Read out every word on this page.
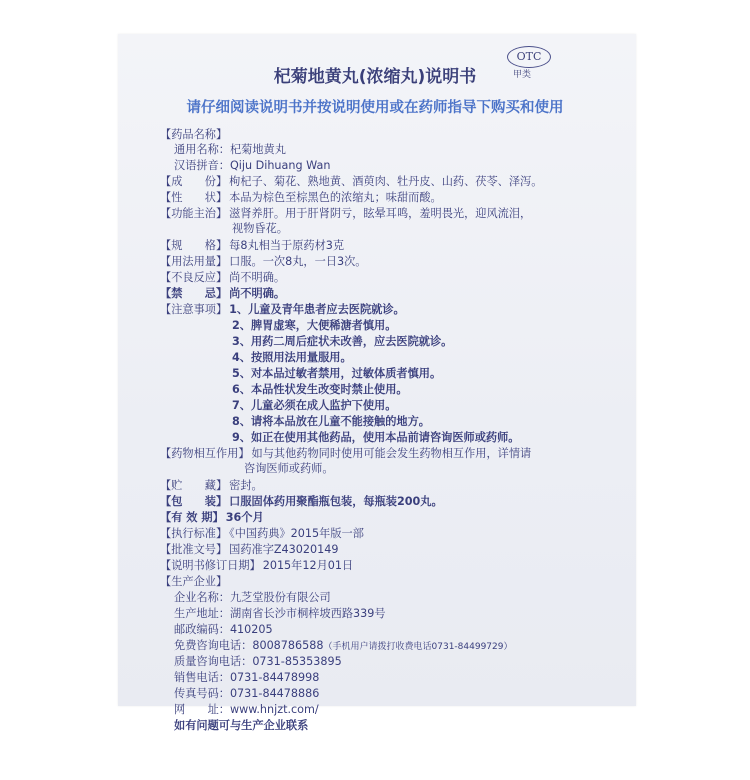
OTC
甲类
杞菊地黄丸(浓缩丸)说明书
请仔细阅读说明书并按说明使用或在药师指导下购买和使用
【药品名称】
通用名称：杞菊地黄丸
汉语拼音：Qiju Dihuang Wan
【成　　份】 枸杞子、菊花、熟地黄、酒萸肉、牡丹皮、山药、茯苓、泽泻。
【性　　状】 本品为棕色至棕黑色的浓缩丸；味甜而酸。
【功能主治】 滋肾养肝。用于肝肾阴亏，眩晕耳鸣，羞明畏光，迎风流泪，
视物昏花。
【规　　格】 每8丸相当于原药材3克
【用法用量】 口服。一次8丸，一日3次。
【不良反应】 尚不明确。
【禁　　忌】 尚不明确。
【注意事项】 1、儿童及青年患者应去医院就诊。
2、脾胃虚寒，大便稀溏者慎用。
3、用药二周后症状未改善，应去医院就诊。
4、按照用法用量服用。
5、对本品过敏者禁用，过敏体质者慎用。
6、本品性状发生改变时禁止使用。
7、儿童必须在成人监护下使用。
8、请将本品放在儿童不能接触的地方。
9、如正在使用其他药品，使用本品前请咨询医师或药师。
【药物相互作用】 如与其他药物同时使用可能会发生药物相互作用，详情请
咨询医师或药师。
【贮　　藏】 密封。
【包　　装】 口服固体药用聚酯瓶包装，每瓶装200丸。
【有 效 期】 36个月
【执行标准】 《中国药典》2015年版一部
【批准文号】 国药准字Z43020149
【说明书修订日期】 2015年12月01日
【生产企业】
企业名称：九芝堂股份有限公司
生产地址：湖南省长沙市桐梓坡西路339号
邮政编码：410205
免费咨询电话：8008786588（手机用户请拨打收费电话0731-84499729）
质量咨询电话：0731-85353895
销售电话：0731-84478998
传真号码：0731-84478886
网　　址：www.hnjzt.com/
如有问题可与生产企业联系
